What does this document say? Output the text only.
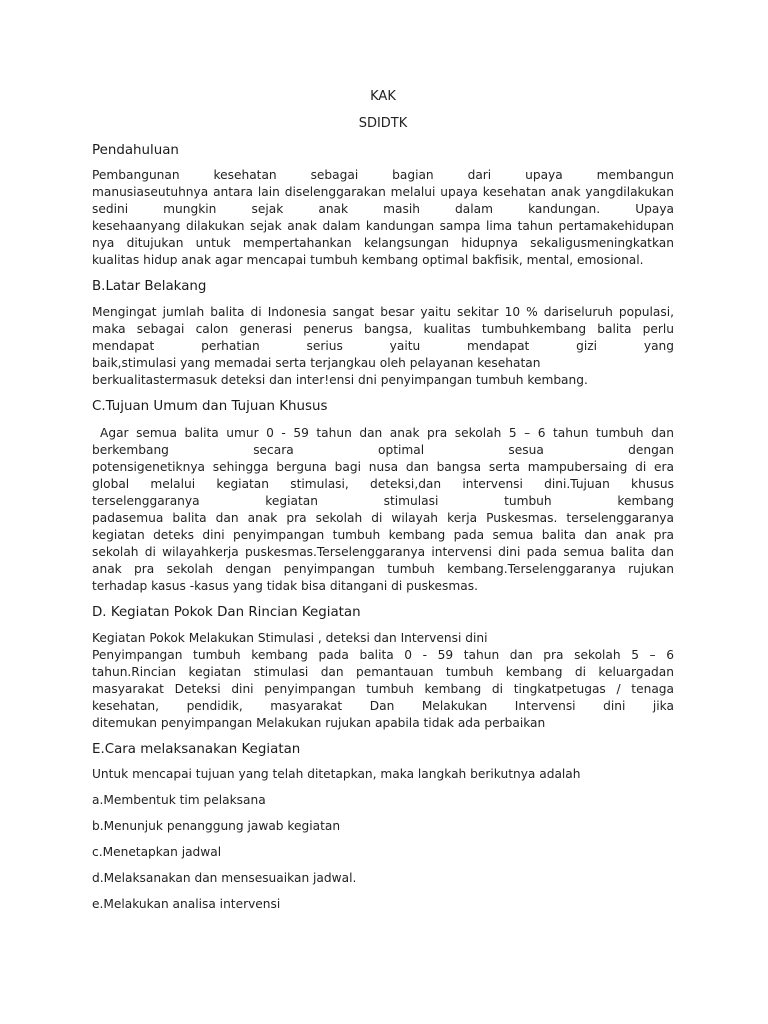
KAK
SDIDTK
Pendahuluan

Pembangunan kesehatan sebagai bagian dari upaya membangun

manusiaseutuhnya antara lain diselenggarakan melalui upaya kesehatan anak yangdilakukan

sedini mungkin sejak anak masih dalam kandungan. Upaya

kesehaanyang dilakukan sejak anak dalam kandungan sampa lima tahun pertamakehidupan

nya ditujukan untuk mempertahankan kelangsungan hidupnya sekaligusmeningkatkan

kualitas hidup anak agar mencapai tumbuh kembang optimal bakfisik, mental, emosional.

B.Latar Belakang

Mengingat jumlah balita di Indonesia sangat besar yaitu sekitar 10 % dariseluruh populasi,

maka sebagai calon generasi penerus bangsa, kualitas tumbuhkembang balita perlu

mendapat perhatian serius yaitu mendapat gizi yang

baik,stimulasi yang memadai serta terjangkau oleh pelayanan kesehatan

berkualitastermasuk deteksi dan inter!ensi dni penyimpangan tumbuh kembang.

C.Tujuan Umum dan Tujuan Khusus

Agar semua balita umur 0 - 59 tahun dan anak pra sekolah 5 – 6 tahun tumbuh dan

berkembang secara optimal sesua dengan

potensigenetiknya sehingga berguna bagi nusa dan bangsa serta mampubersaing di era

global melalui kegiatan stimulasi, deteksi,dan intervensi dini.Tujuan khusus

terselenggaranya kegiatan stimulasi tumbuh kembang

padasemua balita dan anak pra sekolah di wilayah kerja Puskesmas. terselenggaranya

kegiatan deteks dini penyimpangan tumbuh kembang pada semua balita dan anak pra

sekolah di wilayahkerja puskesmas.Terselenggaranya intervensi dini pada semua balita dan

anak pra sekolah dengan penyimpangan tumbuh kembang.Terselenggaranya rujukan

terhadap kasus -kasus yang tidak bisa ditangani di puskesmas.

D. Kegiatan Pokok Dan Rincian Kegiatan

Kegiatan Pokok Melakukan Stimulasi , deteksi dan Intervensi dini

Penyimpangan tumbuh kembang pada balita 0 - 59 tahun dan pra sekolah 5 – 6

tahun.Rincian kegiatan stimulasi dan pemantauan tumbuh kembang di keluargadan

masyarakat Deteksi dini penyimpangan tumbuh kembang di tingkatpetugas / tenaga

kesehatan, pendidik, masyarakat Dan Melakukan Intervensi dini jika

ditemukan penyimpangan Melakukan rujukan apabila tidak ada perbaikan

E.Cara melaksanakan Kegiatan

Untuk mencapai tujuan yang telah ditetapkan, maka langkah berikutnya adalah

a.Membentuk tim pelaksana

b.Menunjuk penanggung jawab kegiatan

c.Menetapkan jadwal

d.Melaksanakan dan mensesuaikan jadwal.

e.Melakukan analisa intervensi
